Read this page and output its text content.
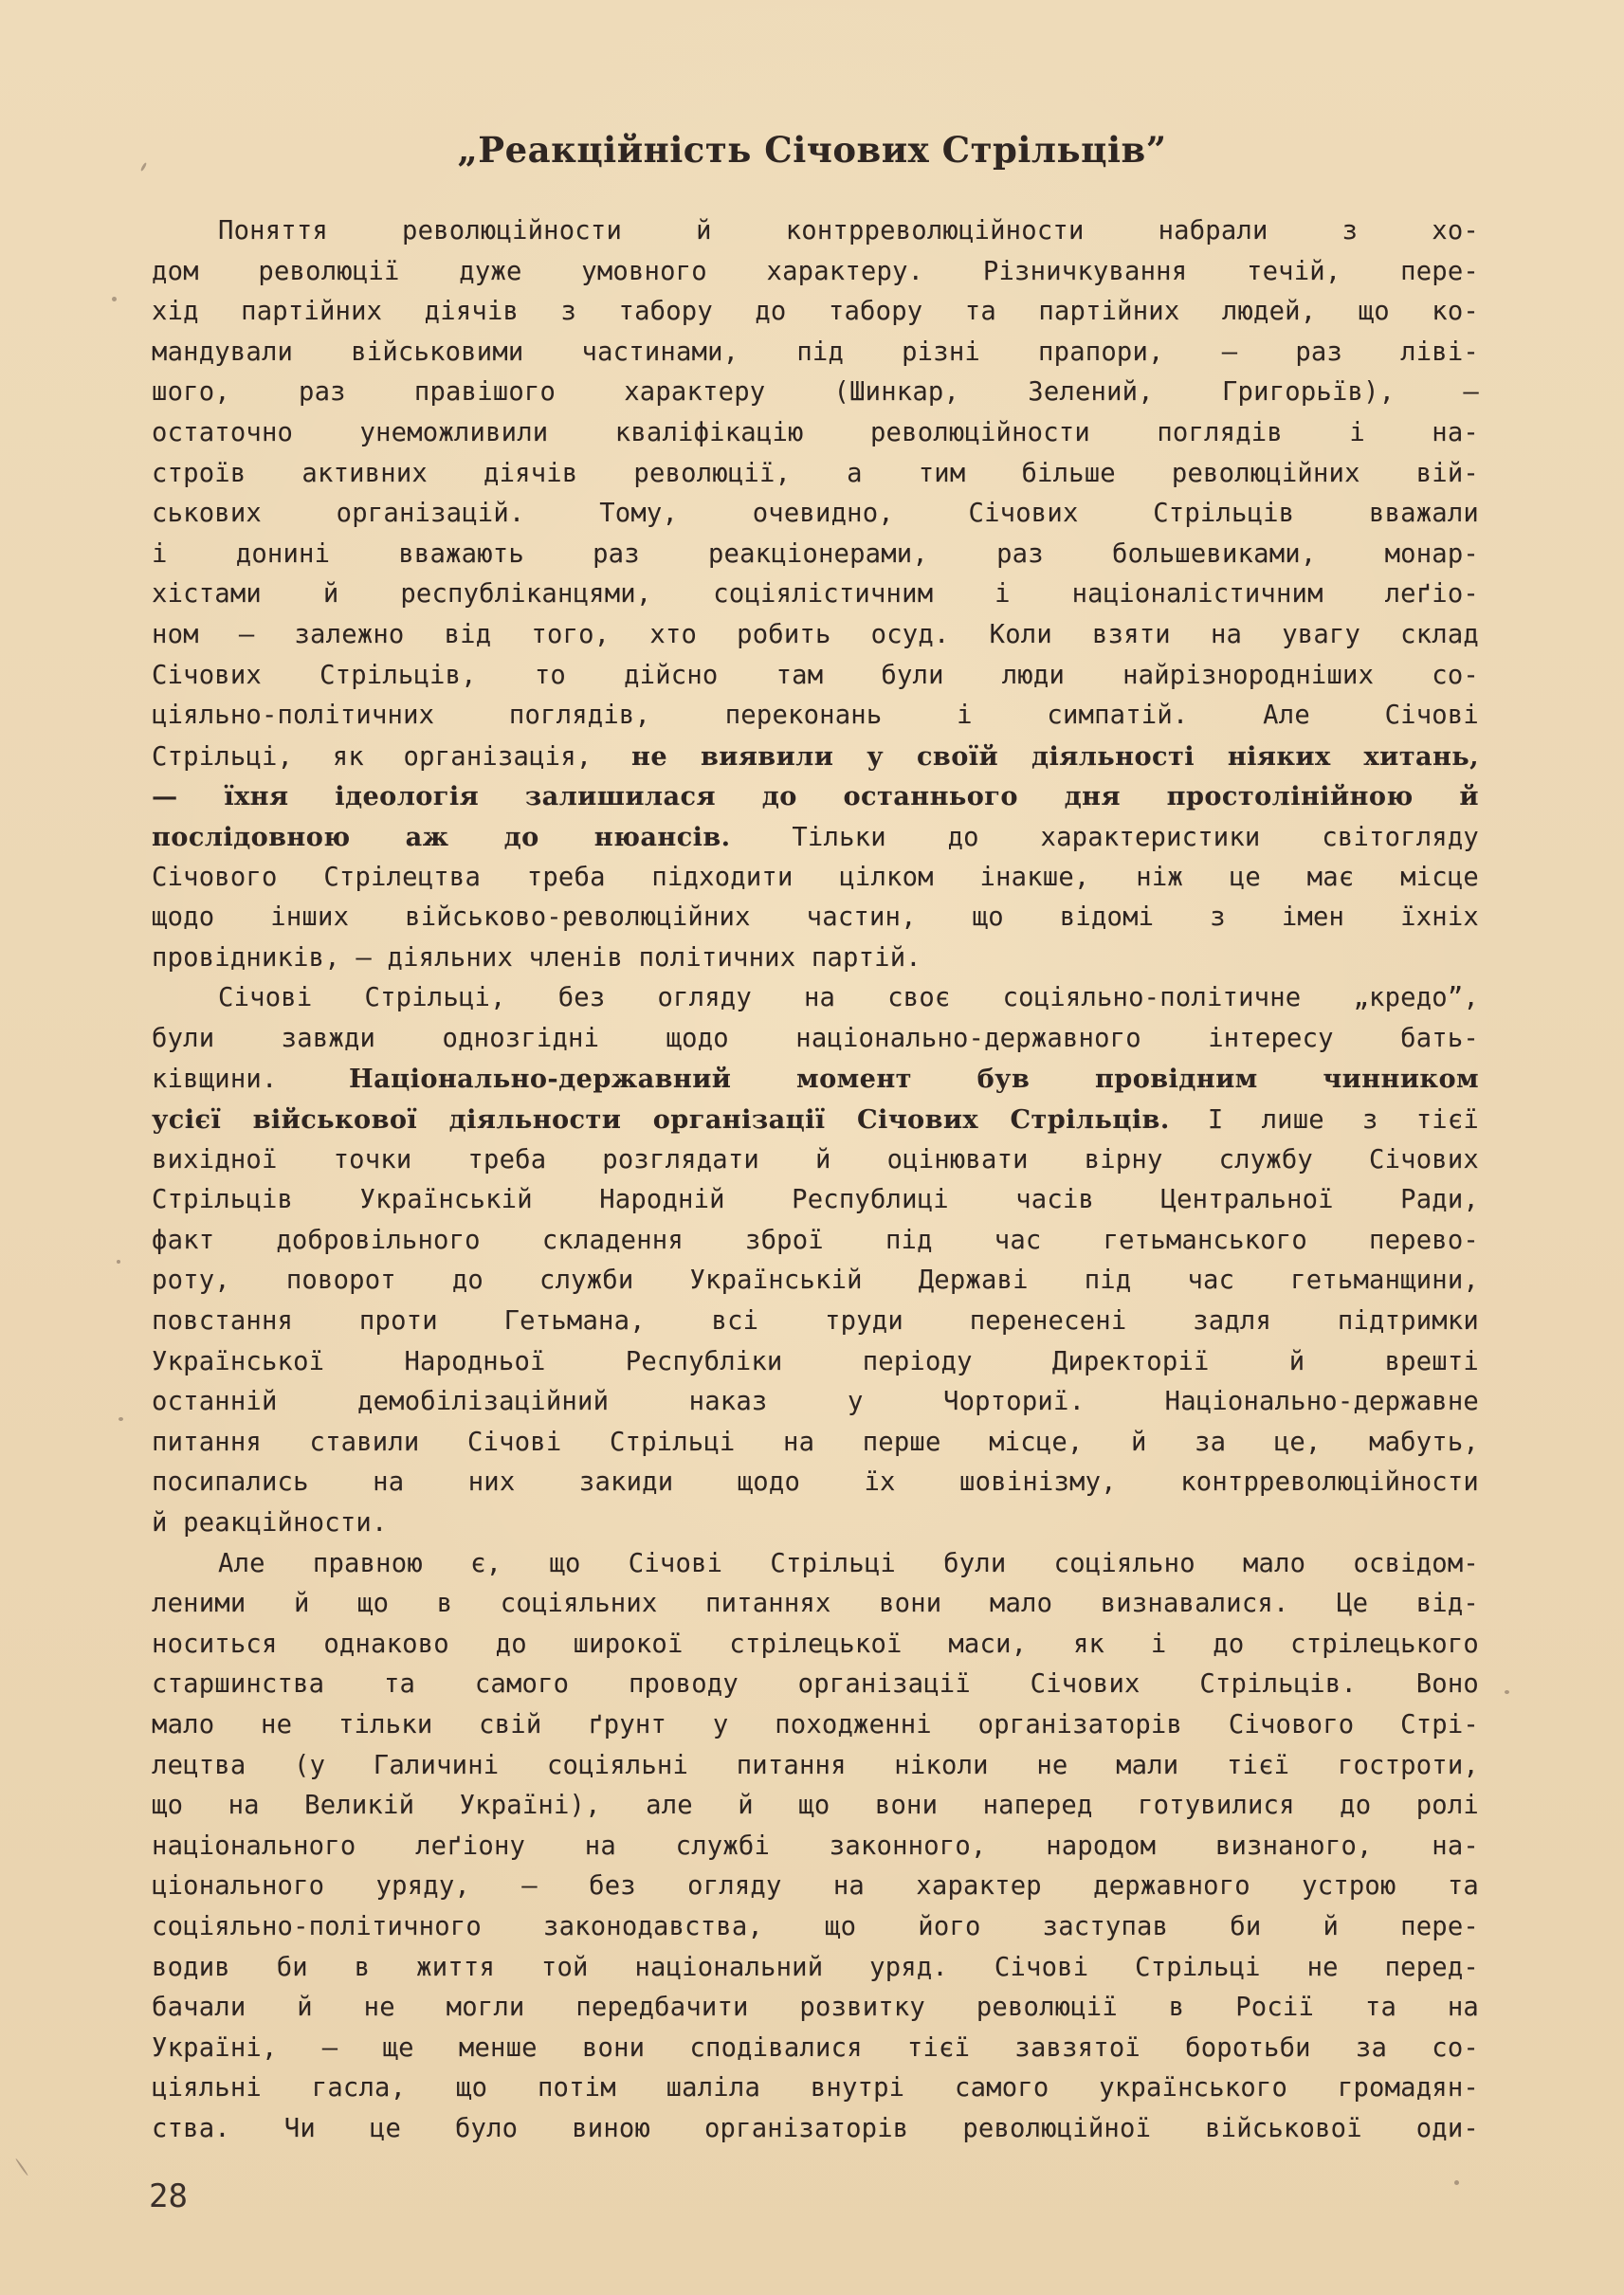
„Реакційність Січових Стрільців”
Поняття революційности й контрреволюційности набрали з хо-
дом революції дуже умовного характеру. Різничкування течій, пере-
хід партійних діячів з табору до табору та партійних людей, що ко-
мандували військовими частинами, під різні прапори, — раз ліві-
шого, раз правішого характеру (Шинкар, Зелений, Григорьїв), —
остаточно унеможливили кваліфікацію революційности поглядів і на-
строїв активних діячів революції, а тим більше революційних вій-
ськових організацій. Тому, очевидно, Січових Стрільців вважали
і донині вважають раз реакціонерами, раз большевиками, монар-
хістами й республіканцями, соціялістичним і націоналістичним леґіо-
ном — залежно від того, хто робить осуд. Коли взяти на увагу склад
Січових Стрільців, то дійсно там були люди найрізнородніших со-
ціяльно-політичних поглядів, переконань і симпатій. Але Січові
Стрільці, як організація, не виявили у своїй діяльності ніяких хитань,
— їхня ідеологія залишилася до останнього дня простолінійною й
послідовною аж до нюансів. Тільки до характеристики світогляду
Січового Стрілецтва треба підходити цілком інакше, ніж це має місце
щодо інших військово-революційних частин, що відомі з імен їхніх
провідників, — діяльних членів політичних партій.
Січові Стрільці, без огляду на своє соціяльно-політичне „кредо”,
були завжди однозгідні щодо національно-державного інтересу бать-
ківщини. Національно-державний момент був провідним чинником
усієї військової діяльности організації Січових Стрільців. І лише з тієї
вихідної точки треба розглядати й оцінювати вірну службу Січових
Стрільців Українській Народній Республиці часів Центральної Ради,
факт добровільного складення зброї під час гетьманського перево-
роту, поворот до служби Українській Державі під час гетьманщини,
повстання проти Гетьмана, всі труди перенесені задля підтримки
Української Народньої Республіки періоду Директорії й врешті
останній демобілізаційний наказ у Чорториї. Національно-державне
питання ставили Січові Стрільці на перше місце, й за це, мабуть,
посипались на них закиди щодо їх шовінізму, контрреволюційности
й реакційности.
Але правною є, що Січові Стрільці були соціяльно мало освідом-
леними й що в соціяльних питаннях вони мало визнавалися. Це від-
носиться однаково до широкої стрілецької маси, як і до стрілецького
старшинства та самого проводу організації Січових Стрільців. Воно
мало не тільки свій ґрунт у походженні організаторів Січового Стрі-
лецтва (у Галичині соціяльні питання ніколи не мали тієї гостроти,
що на Великій Україні), але й що вони наперед готувилися до ролі
національного леґіону на службі законного, народом визнаного, на-
ціонального уряду, — без огляду на характер державного устрою та
соціяльно-політичного законодавства, що його заступав би й пере-
водив би в життя той національний уряд. Січові Стрільці не перед-
бачали й не могли передбачити розвитку революції в Росії та на
Україні, — ще менше вони сподівалися тієї завзятої боротьби за со-
ціяльні гасла, що потім шаліла внутрі самого українського громадян-
ства. Чи це було виною організаторів революційної військової оди-
28
